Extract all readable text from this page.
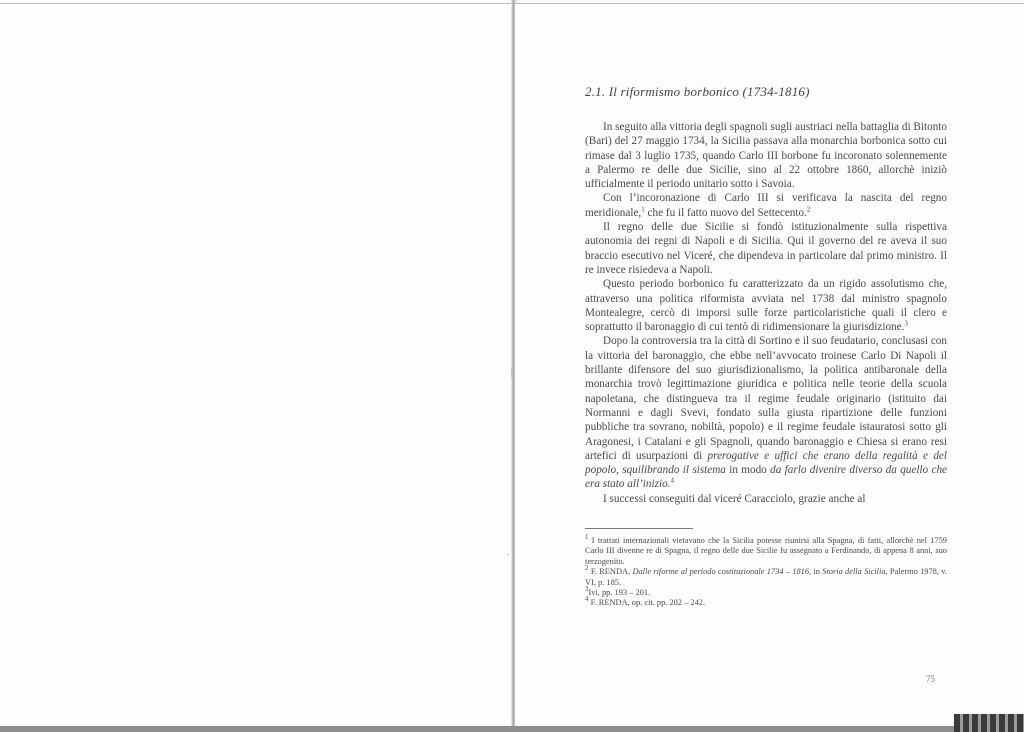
|
-

2.1. Il riformismo borbonico (1734-1816)

In seguito alla vittoria degli spagnoli sugli austriaci nella battaglia di Bitonto (Bari) del 27 maggio 1734, la Sicilia passava alla monarchia borbonica sotto cui rimase dal 3 luglio 1735, quando Carlo III borbone fu incoronato solennemente a Palermo re delle due Sicilie, sino al 22 ottobre 1860, allorchè iniziò ufficialmente il periodo unitario sotto i Savoia.

Con l’incoronazione di Carlo III si verificava la nascita del regno meridionale,$^1$ che fu il fatto nuovo del Settecento.$^2$

Il regno delle due Sicilie si fondò istituzionalmente sulla rispettiva autonomia dei regni di Napoli e di Sicilia. Qui il governo del re aveva il suo braccio esecutivo nel Viceré, che dipendeva in particolare dal primo ministro. Il re invece risiedeva a Napoli.

Questo periodo borbonico fu caratterizzato da un rigido assolutismo che, attraverso una politica riformista avviata nel 1738 dal ministro spagnolo Montealegre, cercò di imporsi sulle forze particolaristiche quali il clero e soprattutto il baronaggio di cui tentò di ridimensionare la giurisdizione.$^3$

Dopo la controversia tra la città di Sortino e il suo feudatario, conclusasi con la vittoria del baronaggio, che ebbe nell’avvocato troinese Carlo Di Napoli il brillante difensore del suo giurisdizionalismo, la politica antibaronale della monarchia trovò legittimazione giuridica e politica nelle teorie della scuola napoletana, che distingueva tra il regime feudale originario (istituito dai Normanni e dagli Svevi, fondato sulla giusta ripartizione delle funzioni pubbliche tra sovrano, nobiltà, popolo) e il regime feudale istauratosi sotto gli Aragonesi, i Catalani e gli Spagnoli, quando baronaggio e Chiesa si erano resi artefici di usurpazioni di prerogative e uffici che erano della regalità e del popolo, squilibrando il sistema in modo da farlo divenire diverso da quello che era stato all’inizio.$^4$

I successi conseguiti dal viceré Caracciolo, grazie anche al

$^1$ I trattati internazionali vietavano che la Sicilia potesse riunirsi alla Spagna, di fatti, allorchè nel 1759 Carlo III divenne re di Spagna, il regno delle due Sicilie fu assegnato a Ferdinando, di appena 8 anni, suo terzogenito.

$^2$ F. RENDA, Dalle riforme al periodo costituzionale 1734 – 1816, in Storia della Sicilia, Palermo 1978, v. VI, p. 185.

$^3$Ivi, pp. 193 – 201.

$^4$ F. RENDA, op. cit. pp. 202 – 242.

75
